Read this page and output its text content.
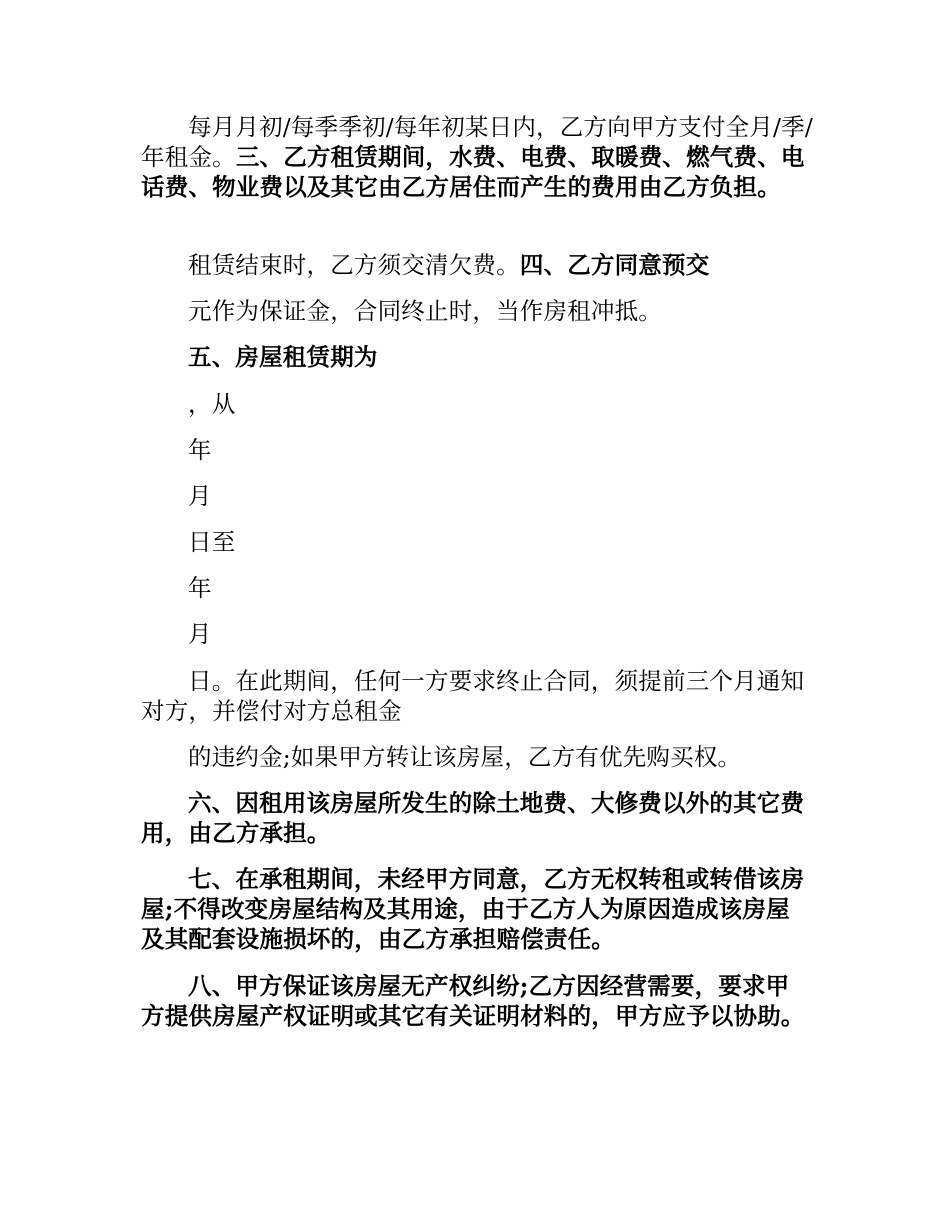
每月月初/每季季初/每年初某日内，乙方向甲方支付全月/季/年租金。三、乙方租赁期间，水费、电费、取暖费、燃气费、电话费、物业费以及其它由乙方居住而产生的费用由乙方负担。

租赁结束时，乙方须交清欠费。四、乙方同意预交

元作为保证金，合同终止时，当作房租冲抵。

五、房屋租赁期为

，从

年

月

日至

年

月

日。在此期间，任何一方要求终止合同，须提前三个月通知对方，并偿付对方总租金

的违约金;如果甲方转让该房屋，乙方有优先购买权。

六、因租用该房屋所发生的除土地费、大修费以外的其它费用，由乙方承担。

七、在承租期间，未经甲方同意，乙方无权转租或转借该房屋;不得改变房屋结构及其用途，由于乙方人为原因造成该房屋及其配套设施损坏的，由乙方承担赔偿责任。

八、甲方保证该房屋无产权纠纷;乙方因经营需要，要求甲方提供房屋产权证明或其它有关证明材料的，甲方应予以协助。
